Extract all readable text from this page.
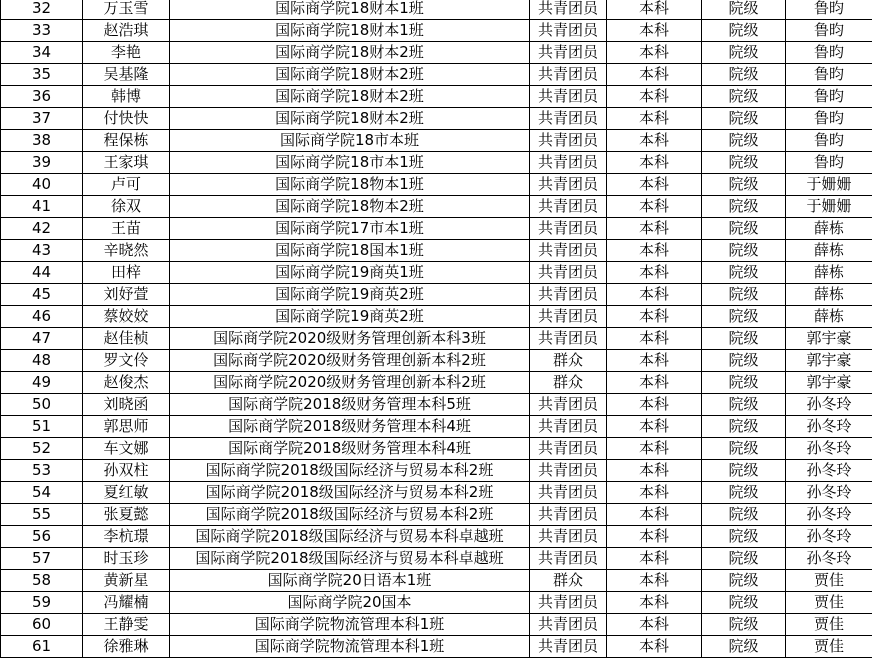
32	万玉雪	国际商学院18财本1班	共青团员	本科	院级	鲁昀
33	赵浩琪	国际商学院18财本1班	共青团员	本科	院级	鲁昀
34	李艳	国际商学院18财本2班	共青团员	本科	院级	鲁昀
35	吴基隆	国际商学院18财本2班	共青团员	本科	院级	鲁昀
36	韩博	国际商学院18财本2班	共青团员	本科	院级	鲁昀
37	付快快	国际商学院18财本2班	共青团员	本科	院级	鲁昀
38	程保栋	国际商学院18市本班	共青团员	本科	院级	鲁昀
39	王家琪	国际商学院18市本1班	共青团员	本科	院级	鲁昀
40	卢可	国际商学院18物本1班	共青团员	本科	院级	于姗姗
41	徐双	国际商学院18物本2班	共青团员	本科	院级	于姗姗
42	王苗	国际商学院17市本1班	共青团员	本科	院级	薛栋
43	辛晓然	国际商学院18国本1班	共青团员	本科	院级	薛栋
44	田梓	国际商学院19商英1班	共青团员	本科	院级	薛栋
45	刘妤萱	国际商学院19商英2班	共青团员	本科	院级	薛栋
46	蔡姣姣	国际商学院19商英2班	共青团员	本科	院级	薛栋
47	赵佳桢	国际商学院2020级财务管理创新本科3班	共青团员	本科	院级	郭宇豪
48	罗文伶	国际商学院2020级财务管理创新本科2班	群众	本科	院级	郭宇豪
49	赵俊杰	国际商学院2020级财务管理创新本科2班	群众	本科	院级	郭宇豪
50	刘晓函	国际商学院2018级财务管理本科5班	共青团员	本科	院级	孙冬玲
51	郭思师	国际商学院2018级财务管理本科4班	共青团员	本科	院级	孙冬玲
52	车文娜	国际商学院2018级财务管理本科4班	共青团员	本科	院级	孙冬玲
53	孙双柱	国际商学院2018级国际经济与贸易本科2班	共青团员	本科	院级	孙冬玲
54	夏红敏	国际商学院2018级国际经济与贸易本科2班	共青团员	本科	院级	孙冬玲
55	张夏懿	国际商学院2018级国际经济与贸易本科2班	共青团员	本科	院级	孙冬玲
56	李杭璟	国际商学院2018级国际经济与贸易本科卓越班	共青团员	本科	院级	孙冬玲
57	时玉珍	国际商学院2018级国际经济与贸易本科卓越班	共青团员	本科	院级	孙冬玲
58	黄新星	国际商学院20日语本1班	群众	本科	院级	贾佳
59	冯耀楠	国际商学院20国本	共青团员	本科	院级	贾佳
60	王静雯	国际商学院物流管理本科1班	共青团员	本科	院级	贾佳
61	徐雅琳	国际商学院物流管理本科1班	共青团员	本科	院级	贾佳
